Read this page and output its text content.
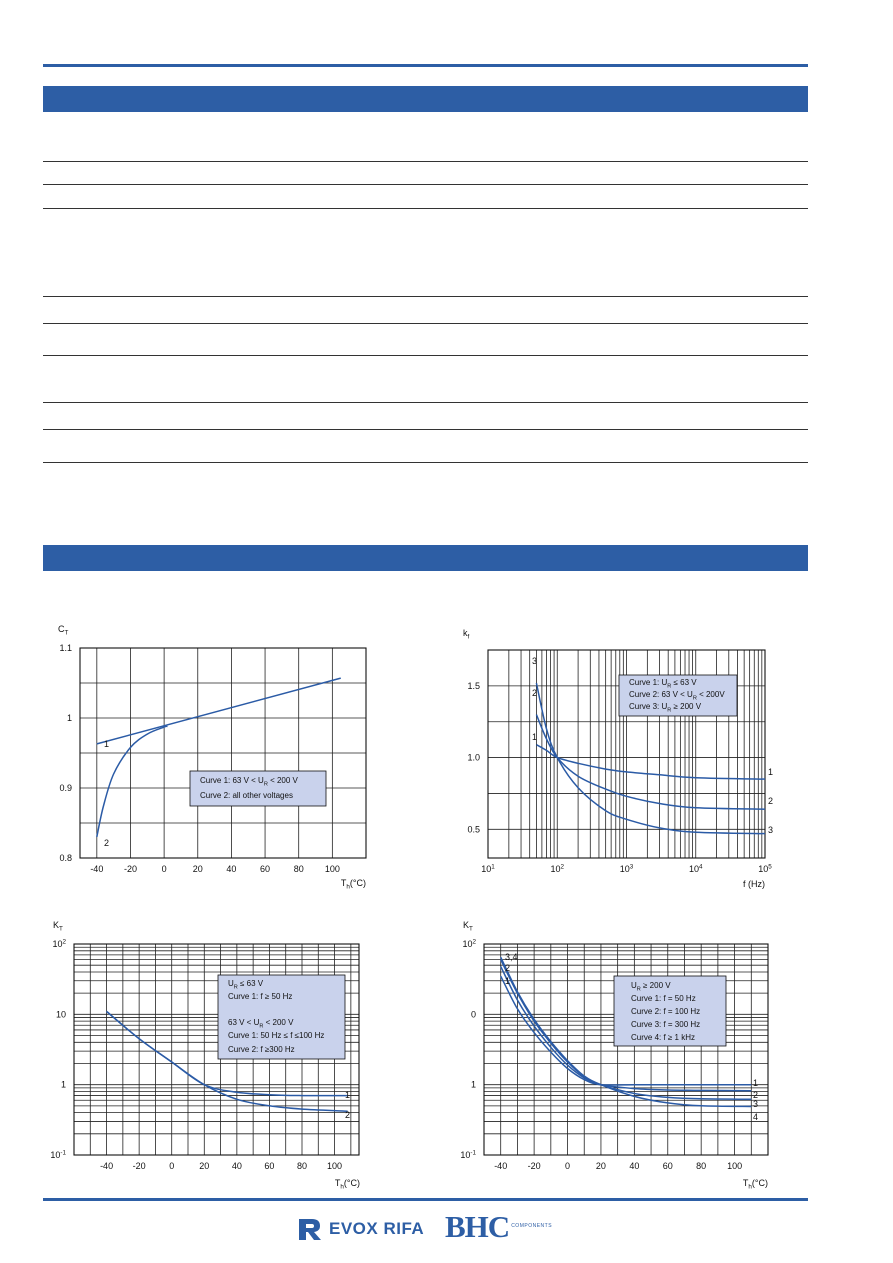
-40 -20	0	20	40	60	80 100
1.1
1
0.9
0.8
$C_T$
$T_h(^\circ C)$
1
2
Curve 1: 63 $V < U_R < 200$ V
Curve 2: all other voltages
$10^1$	$10^2$	$10^3$	$10^4$	$10^5$
1.5
1.0
0.5
$k_f$
f (Hz)
1
2
3
3
2
1
Curve 1: $U_R \le 63$ V
Curve 2: 63 $V < U_R < 200V$
Curve 3: $U_R \ge 200$ V
-40 -20	0	20	40	60	80 100
$10^2$
10
1
$10^{-1}$
$K_T$
$T_h(^\circ C)$
1
2
$U_R \le 63$ V
Curve 1: f ≥ 50 Hz
63 $V < U_R < 200$ V
Curve 1: 50 Hz ≤ f ≤100 Hz
Curve 2: f ≥300 Hz
-40 -20	0	20	40	60	80 100
$10^2$
0
1
$10^{-1}$
$K_T$
$T_h(^\circ C)$
1
2
3
4
3,4
2
1	$U_R \ge 200$ V
Curve 1: f = 50 Hz
Curve 2: f = 100 Hz
Curve 3: f = 300 Hz
Curve 4: f ≥ 1 kHz
EVOX RIFA BHC COMPONENTS
